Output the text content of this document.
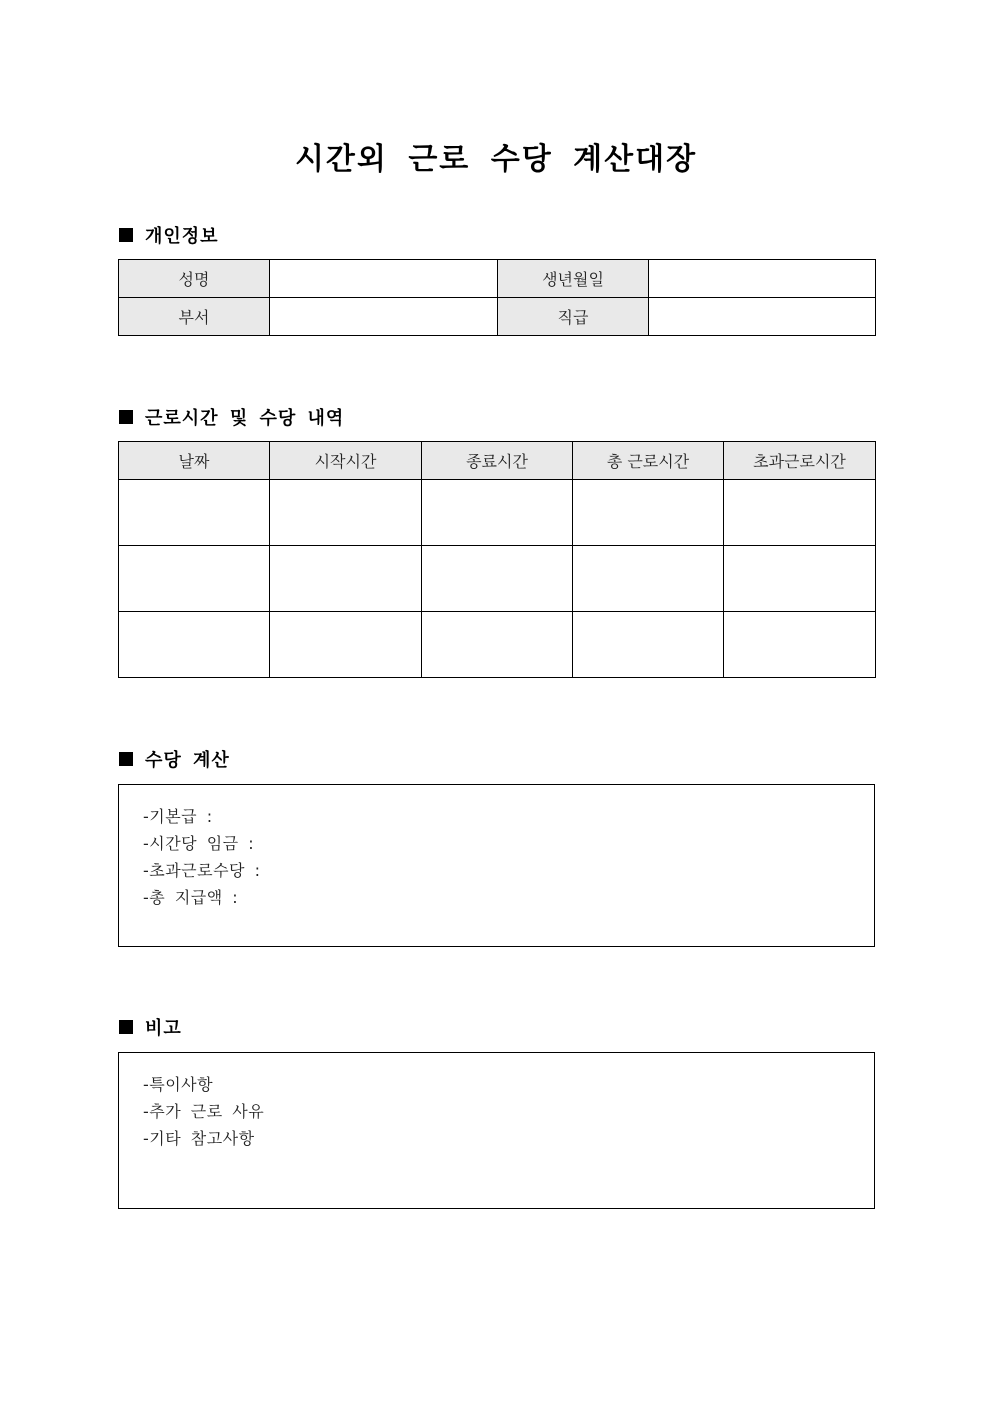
시간외 근로 수당 계산대장
개인정보
성명		생년월일	
부서		직급	
근로시간 및 수당 내역
날짜	시작시간	종료시간	총 근로시간	초과근로시간

수당 계산
-기본급 :
-시간당 임금 :
-초과근로수당 :
-총 지급액 :
비고
-특이사항
-추가 근로 사유
-기타 참고사항
